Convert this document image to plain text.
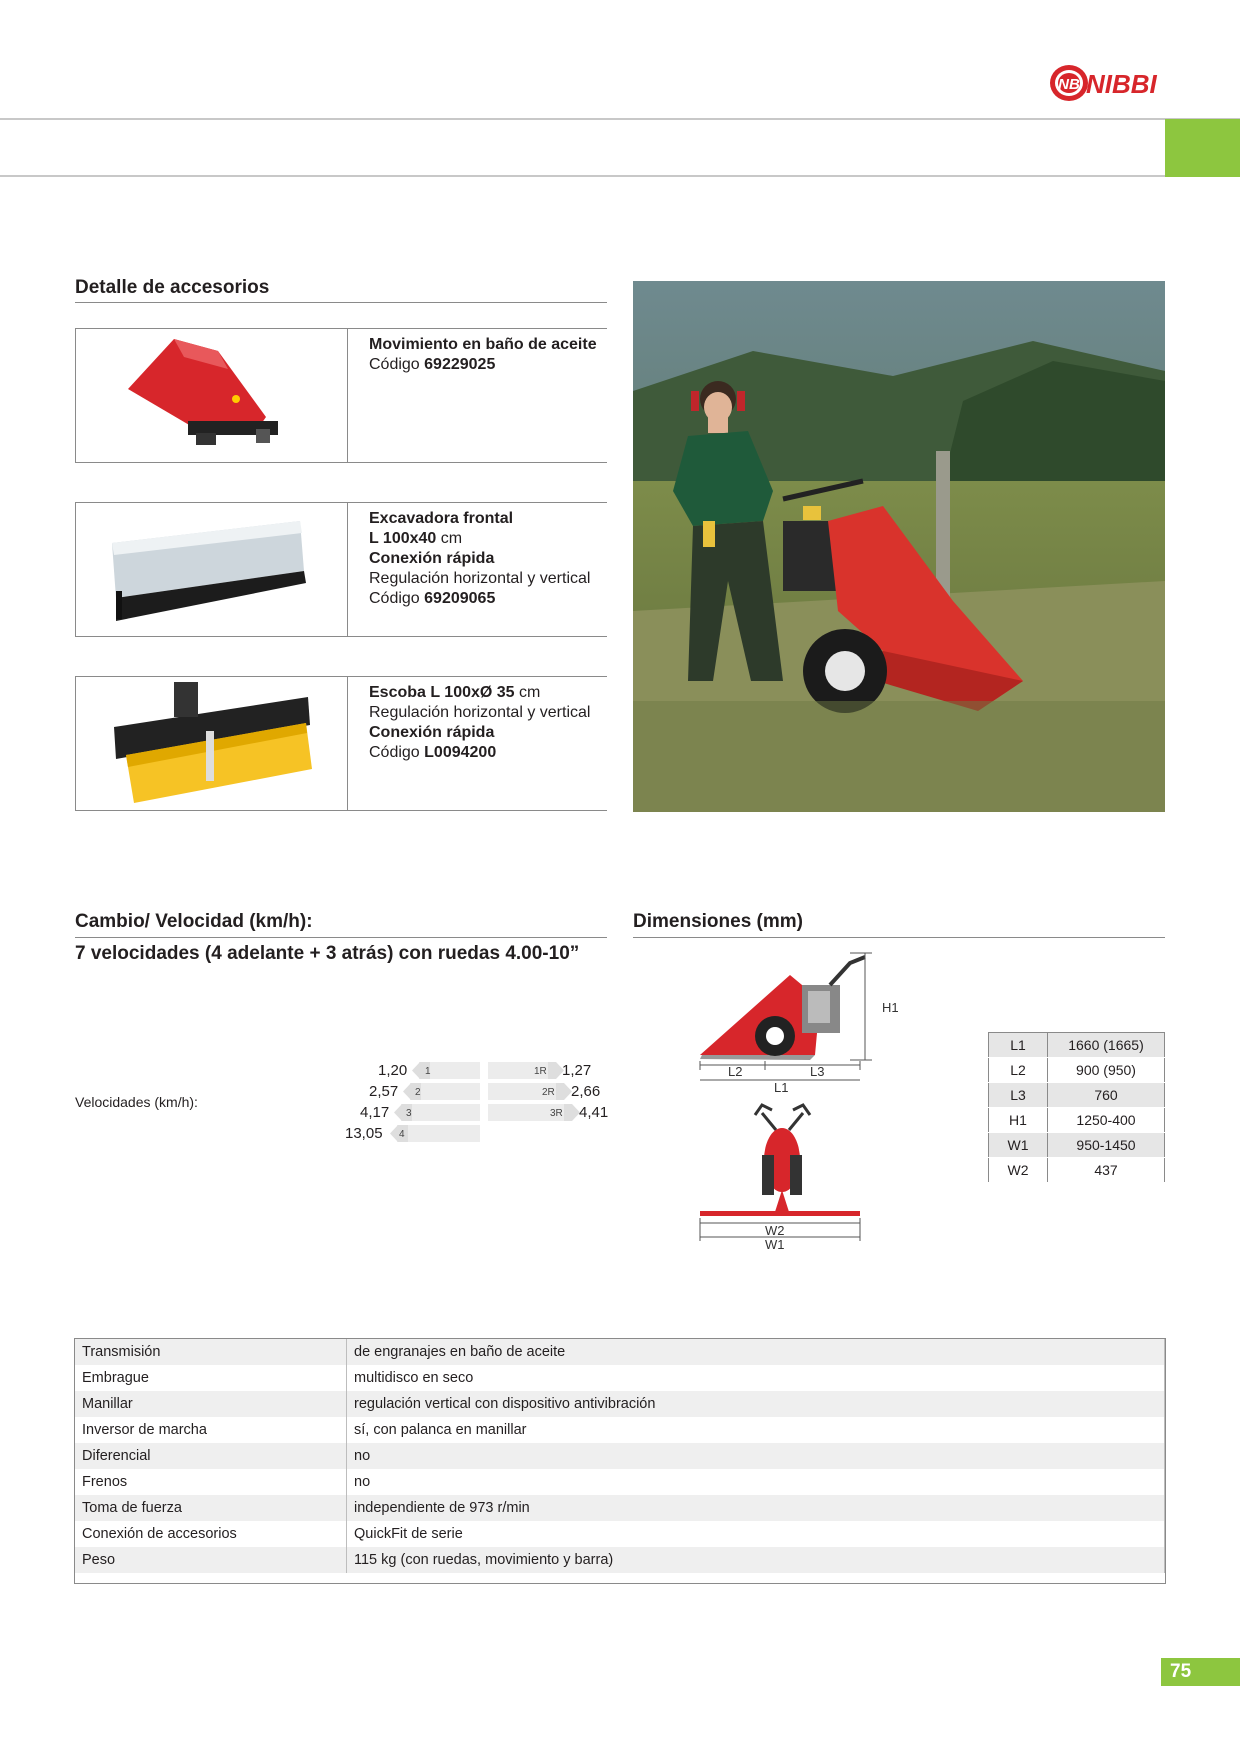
NB NIBBI
Detalle de accesorios
Movimiento en baño de aceite
Código 69229025
Excavadora frontal
L 100x40 cm
Conexión rápida
Regulación horizontal y vertical
Código 69209065
Escoba L 100xØ 35 cm
Regulación horizontal y vertical
Conexión rápida
Código L0094200
Cambio/ Velocidad (km/h):
7 velocidades (4 adelante + 3 atrás) con ruedas 4.00-10”
Velocidades (km/h):
1,20 1
2,57 2
4,17 3
13,05 4
1R 1,27
2R 2,66
3R 4,41
Dimensiones (mm)
L2	L3
L1
H1
W2
W1
L1	1660 (1665)
L2	900 (950)
L3	760
H1	1250-400
W1	950-1450
W2	437
Transmisión	de engranajes en baño de aceite
Embrague	multidisco en seco
Manillar	regulación vertical con dispositivo antivibración
Inversor de marcha	sí, con palanca en manillar
Diferencial	no
Frenos	no
Toma de fuerza	independiente de 973 r/min
Conexión de accesorios	QuickFit de serie
Peso	115 kg (con ruedas, movimiento y barra)
75
